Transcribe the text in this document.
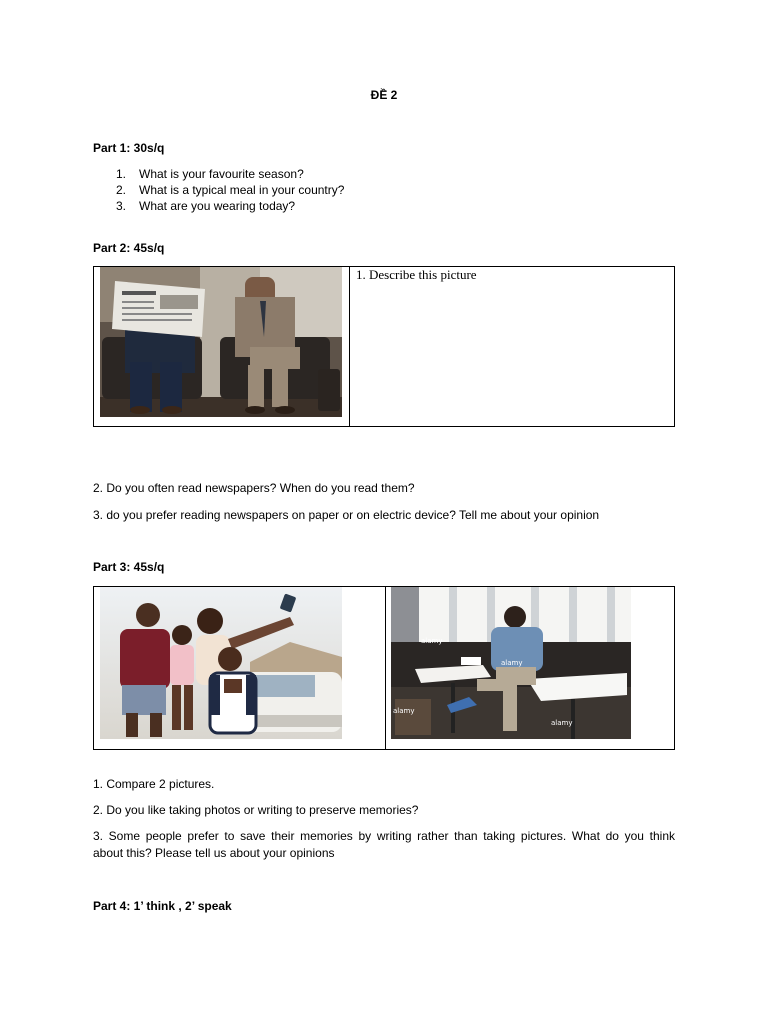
ĐỀ 2
Part 1: 30s/q
1. What is your favourite season?
2. What is a typical meal in your country?
3. What are you wearing today?
Part 2: 45s/q
1. Describe this picture
2. Do you often read newspapers? When do you read them?
3. do you prefer reading newspapers on paper or on electric device? Tell me about your opinion
Part 3: 45s/q
alamy
alamy
alamy
alamy
1. Compare 2 pictures.
2. Do you like taking photos or writing to preserve memories?
3. Some people prefer to save their memories by writing rather than taking pictures. What do you think
about this? Please tell us about your opinions
Part 4: 1’ think , 2’ speak
